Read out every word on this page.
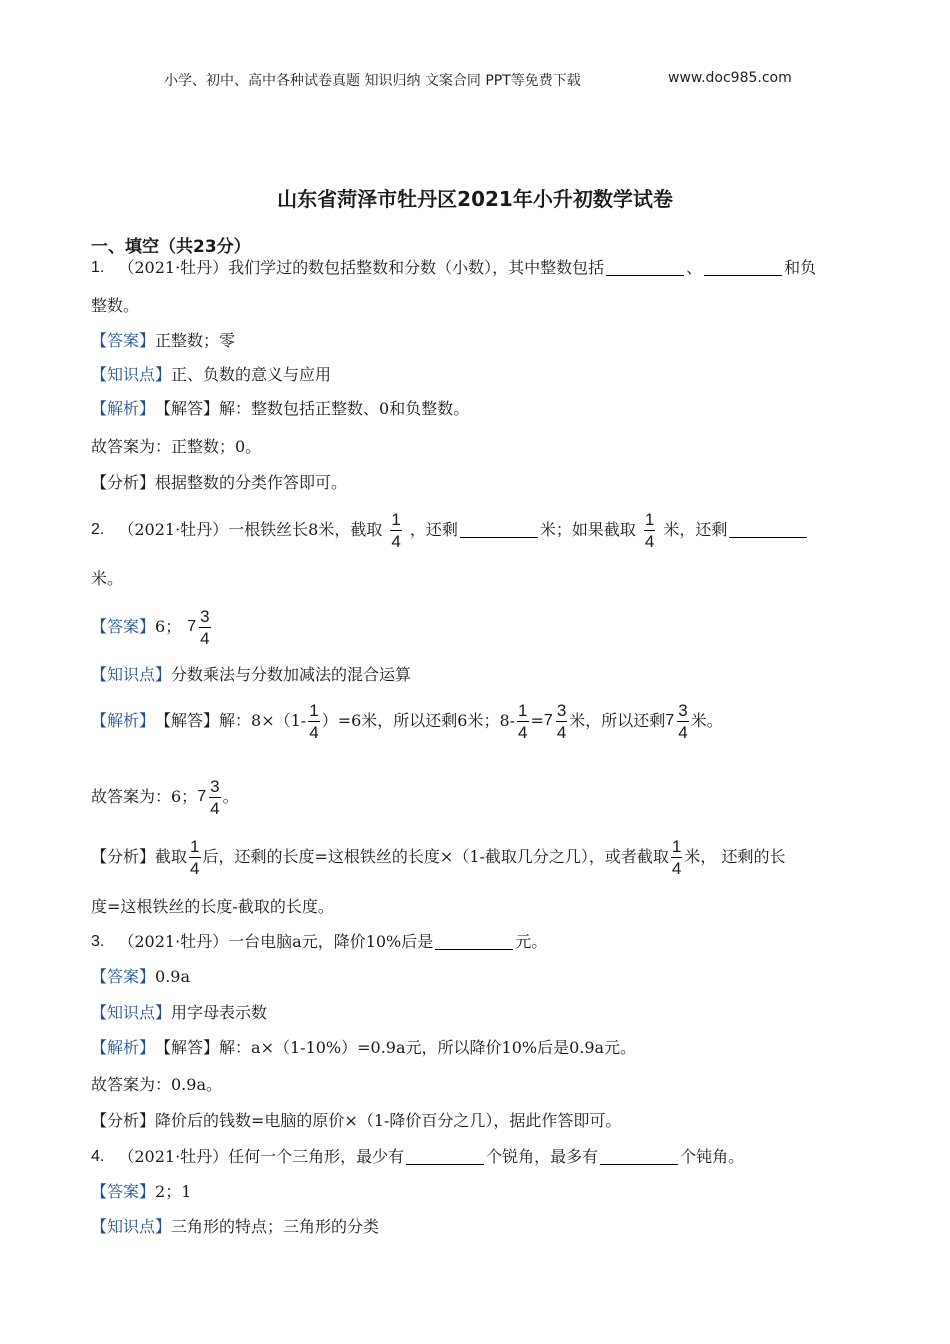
小学、初中、高中各种试卷真题 知识归纳 文案合同 PPT等免费下载	www.doc985.com
山东省菏泽市牡丹区2021年小升初数学试卷
一、填空（共23分）
1. （2021·牡丹）我们学过的数包括整数和分数（小数），其中整数包括	、	和负
整数。
【答案】 正整数；零
【知识点】 正、负数的意义与应用
【解析】 【解答】 解：整数包括正整数、0和负整数。
故答案为：正整数；0。
【分析】 根据整数的分类作答即可。
2. （2021·牡丹）一根铁丝长8米，截取 $\frac{1}{4}$ ，还剩	米；如果截取 $\frac{1}{4}$ 米，还剩
米。
【答案】 6； $7 \frac{3}{4}$
【知识点】 分数乘法与分数加减法的混合运算
【解析】 【解答】 解：$8\times(1- \frac{1}{4} )=6$米，所以还剩6米；$8- \frac{1}{4} = 7 \frac{3}{4}$ 米，所以还剩 $7 \frac{3}{4}$ 米。
故答案为：6； $7 \frac{3}{4}$ 。
【分析】 截取 $\frac{1}{4}$ 后，还剩的长度=这根铁丝的长度×（1-截取几分之几），或者截取 $\frac{1}{4}$ 米， 还剩的长
度=这根铁丝的长度-截取的长度。
3. （2021·牡丹）一台电脑a元，降价10%后是	元。
【答案】 0.9a
【知识点】 用字母表示数
【解析】 【解答】 解：a×（1-10%）=0.9a元，所以降价10%后是0.9a元。
故答案为：0.9a。
【分析】 降价后的钱数=电脑的原价×（1-降价百分之几），据此作答即可。
4. （2021·牡丹）任何一个三角形，最少有	个锐角，最多有	个钝角。
【答案】 2；1
【知识点】 三角形的特点；三角形的分类
